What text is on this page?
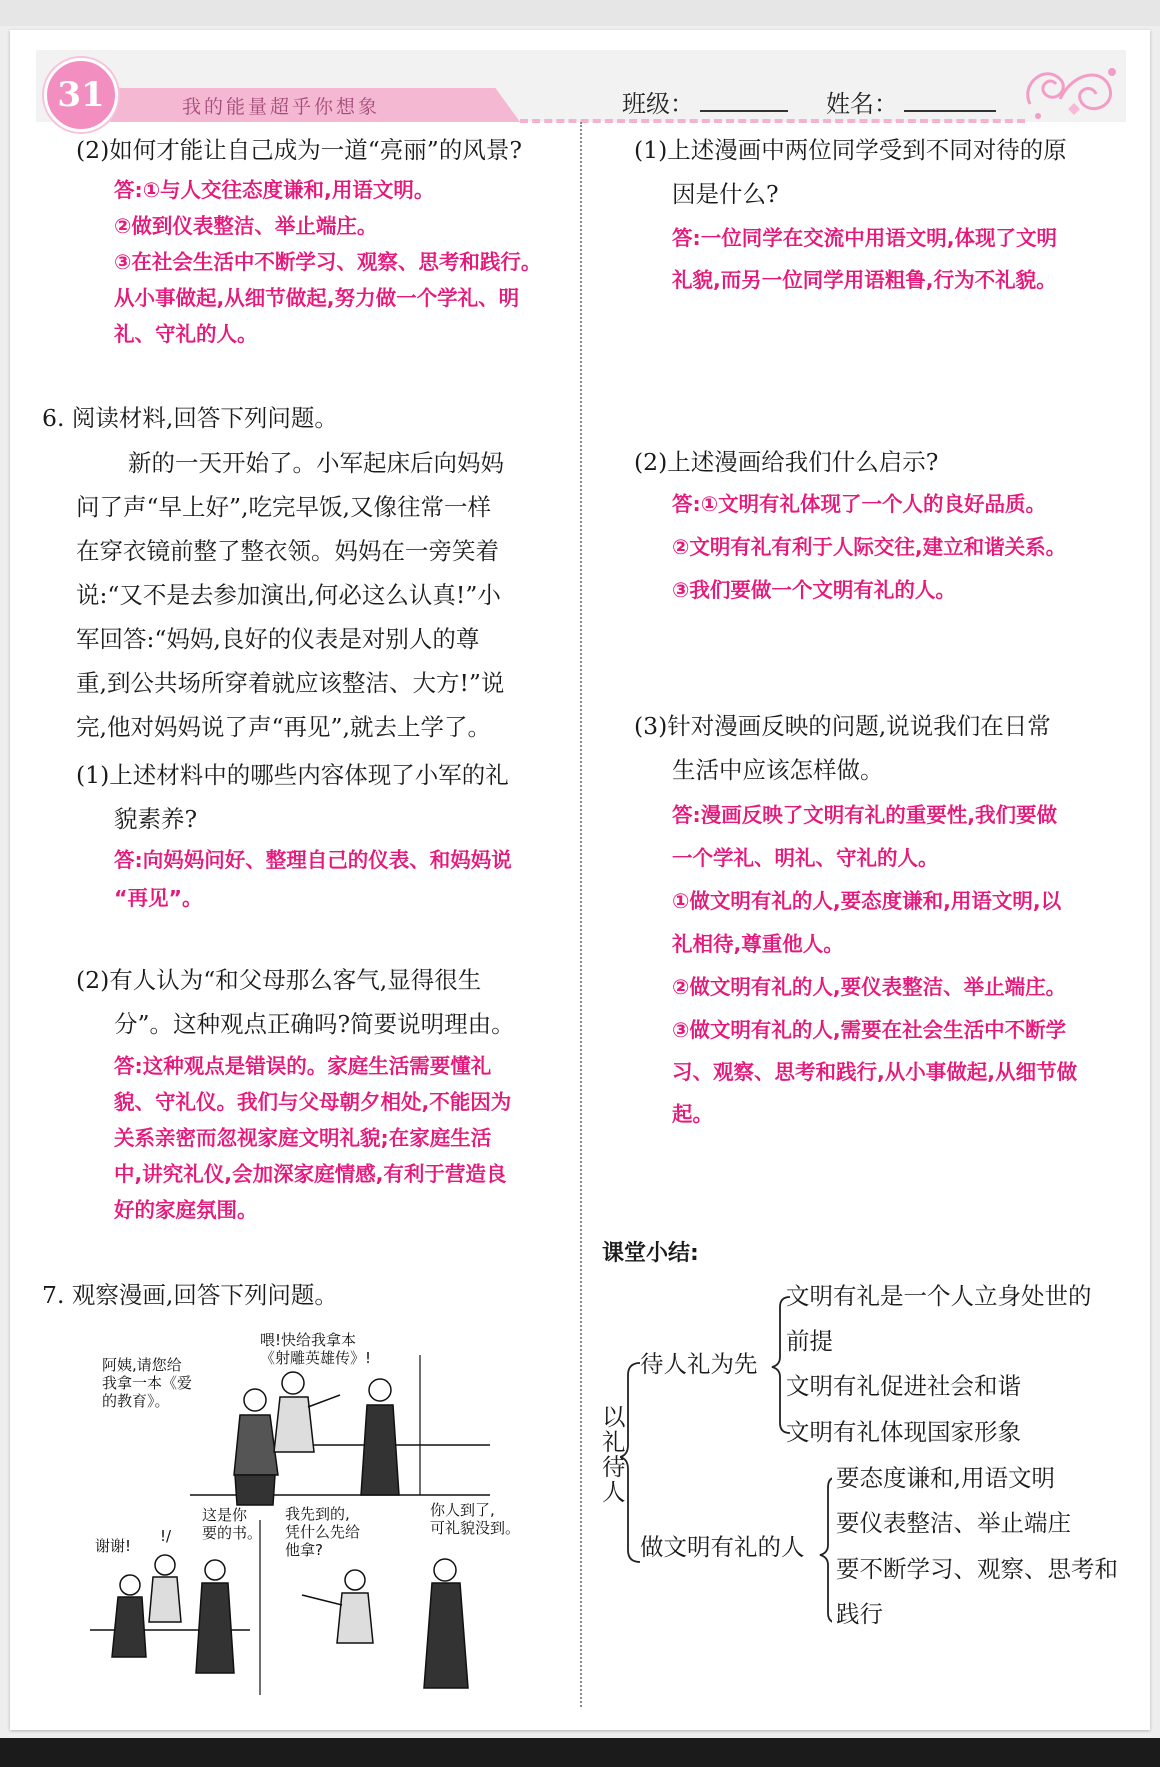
我的能量超乎你想象
31	班级：	姓名：
(2)如何才能让自己成为一道“亮丽”的风景?
答:①与人交往态度谦和,用语文明。
②做到仪表整洁、举止端庄。
③在社会生活中不断学习、观察、思考和践行。
从小事做起,从细节做起,努力做一个学礼、明
礼、守礼的人。
6. 阅读材料,回答下列问题。
新的一天开始了。小军起床后向妈妈
问了声“早上好”,吃完早饭,又像往常一样
在穿衣镜前整了整衣领。妈妈在一旁笑着
说:“又不是去参加演出,何必这么认真!”小
军回答:“妈妈,良好的仪表是对别人的尊
重,到公共场所穿着就应该整洁、大方!”说
完,他对妈妈说了声“再见”,就去上学了。
(1)上述材料中的哪些内容体现了小军的礼
貌素养?
答:向妈妈问好、整理自己的仪表、和妈妈说
“再见”。
(2)有人认为“和父母那么客气,显得很生
分”。这种观点正确吗?简要说明理由。
答:这种观点是错误的。家庭生活需要懂礼
貌、守礼仪。我们与父母朝夕相处,不能因为
关系亲密而忽视家庭文明礼貌;在家庭生活
中,讲究礼仪,会加深家庭情感,有利于营造良
好的家庭氛围。
7. 观察漫画,回答下列问题。
阿姨,请您给
我拿一本《爱
的教育》。
喂!快给我拿本
《射雕英雄传》!
谢谢!
!/
这是你
要的书。
我先到的,
凭什么先给
他拿?
你人到了,
可礼貌没到。
(1)上述漫画中两位同学受到不同对待的原
因是什么?
答:一位同学在交流中用语文明,体现了文明
礼貌,而另一位同学用语粗鲁,行为不礼貌。
(2)上述漫画给我们什么启示?
答:①文明有礼体现了一个人的良好品质。
②文明有礼有利于人际交往,建立和谐关系。
③我们要做一个文明有礼的人。
(3)针对漫画反映的问题,说说我们在日常
生活中应该怎样做。
答:漫画反映了文明有礼的重要性,我们要做
一个学礼、明礼、守礼的人。
①做文明有礼的人,要态度谦和,用语文明,以
礼相待,尊重他人。
②做文明有礼的人,要仪表整洁、举止端庄。
③做文明有礼的人,需要在社会生活中不断学
习、观察、思考和践行,从小事做起,从细节做
起。
课堂小结:
以
礼
待
人
待人礼为先
文明有礼是一个人立身处世的
前提
文明有礼促进社会和谐
文明有礼体现国家形象
做文明有礼的人
要态度谦和,用语文明
要仪表整洁、举止端庄
要不断学习、观察、思考和
践行
